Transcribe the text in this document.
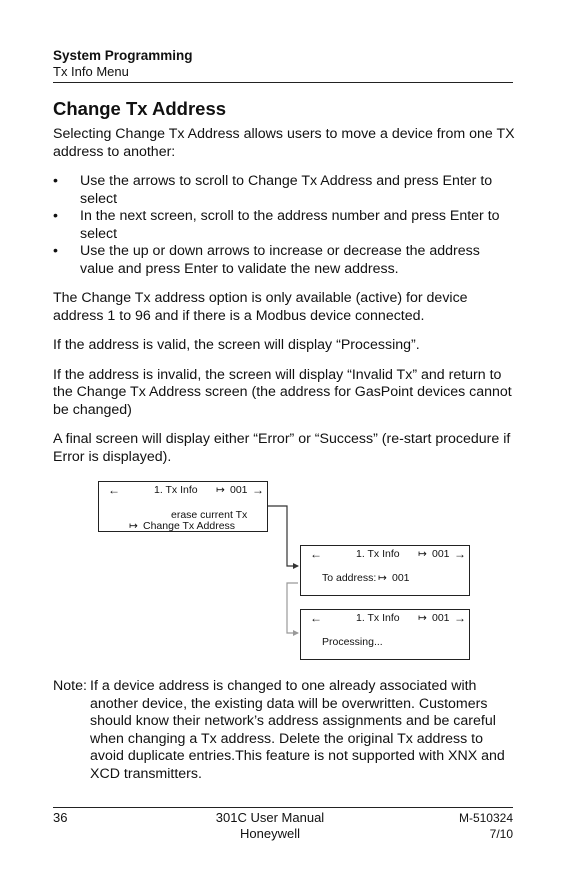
System Programming
Tx Info Menu
Change Tx Address

Selecting Change Tx Address allows users to move a device from one TX address to another:

• Use the arrows to scroll to Change Tx Address and press Enter to select
• In the next screen, scroll to the address number and press Enter to select
• Use the up or down arrows to increase or decrease the address value and press Enter to validate the new address.

The Change Tx address option is only available (active) for device address 1 to 96 and if there is a Modbus device connected.

If the address is valid, the screen will display “Processing”.

If the address is invalid, the screen will display “Invalid Tx” and return to the Change Tx Address screen (the address for GasPoint devices cannot be changed)

A final screen will display either “Error” or “Success” (re-start procedure if Error is displayed).

←	1. Tx Info ↦ 001 →
erase current Tx
↦ Change Tx Address
←	1. Tx Info ↦ 001 →
To address: ↦ 001
←	1. Tx Info ↦ 001 →
Processing...
Note: If a device address is changed to one already associated with another device, the existing data will be overwritten. Customers should know their network’s address assignments and be careful when changing a Tx address. Delete the original Tx address to avoid duplicate entries.This feature is not supported with XNX and XCD transmitters.
36	301C User Manual
Honeywell
M-510324
7/10
